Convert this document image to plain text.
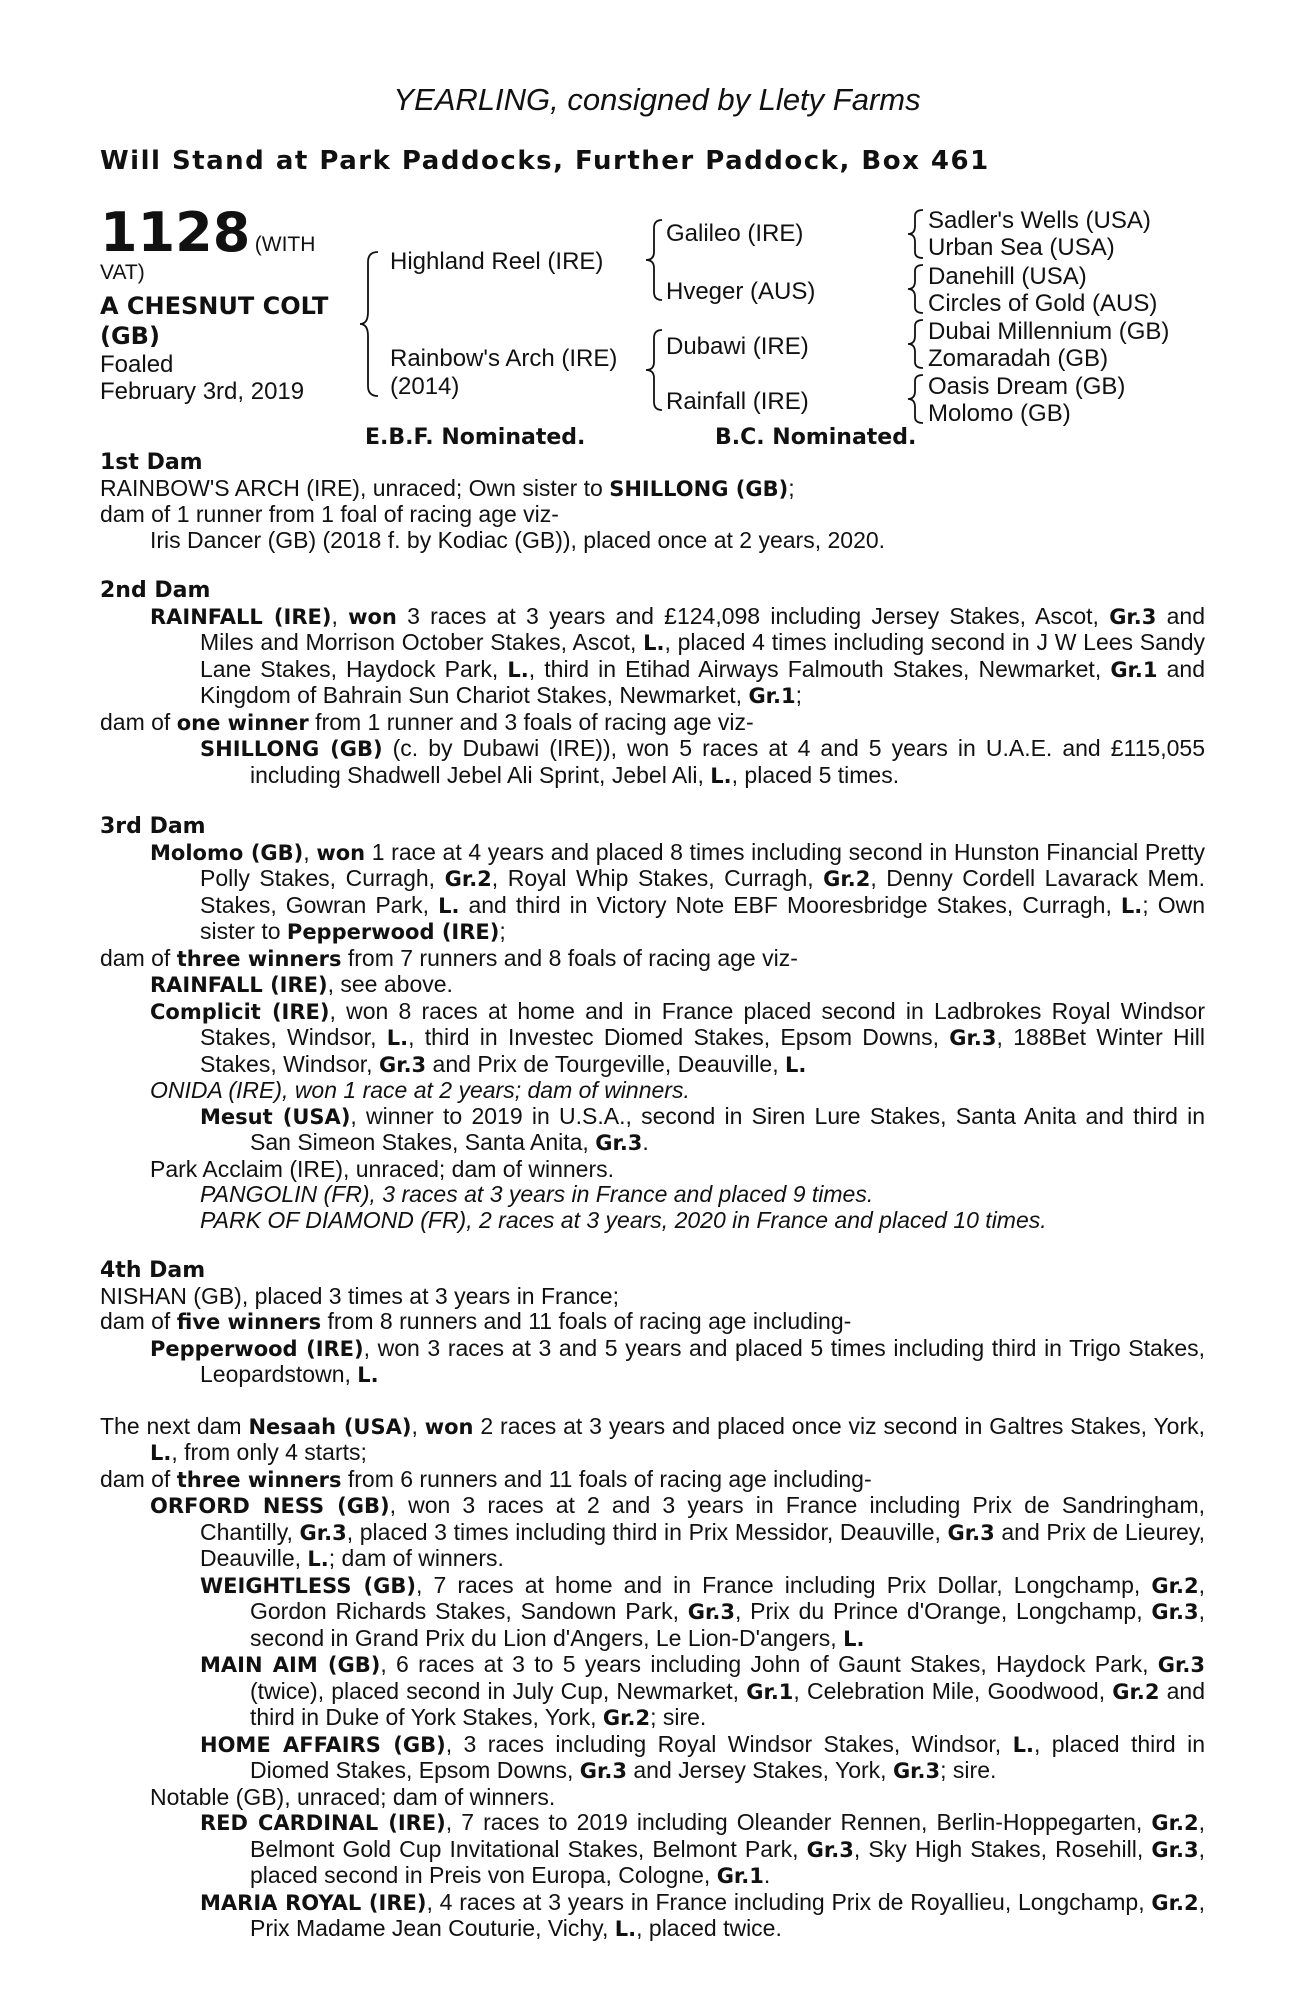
YEARLING, consigned by Llety Farms
Will Stand at Park Paddocks, Further Paddock, Box 461
1128 (WITH VAT)
A CHESNUT COLT (GB)
Foaled
February 3rd, 2019
Highland Reel (IRE)
Rainbow's Arch (IRE)
(2014)
Galileo (IRE)
Hveger (AUS)
Dubawi (IRE)
Rainfall (IRE)
Sadler's Wells (USA)
Urban Sea (USA)
Danehill (USA)
Circles of Gold (AUS)
Dubai Millennium (GB)
Zomaradah (GB)
Oasis Dream (GB)
Molomo (GB)
E.B.F. Nominated.	B.C. Nominated.
1st Dam
RAINBOW'S ARCH (IRE), unraced; Own sister to SHILLONG (GB);
dam of 1 runner from 1 foal of racing age viz-
Iris Dancer (GB) (2018 f. by Kodiac (GB)), placed once at 2 years, 2020.
2nd Dam
RAINFALL (IRE), won 3 races at 3 years and £124,098 including Jersey Stakes, Ascot, Gr.3 and Miles and Morrison October Stakes, Ascot, L., placed 4 times including second in J W Lees Sandy Lane Stakes, Haydock Park, L., third in Etihad Airways Falmouth Stakes, Newmarket, Gr.1 and Kingdom of Bahrain Sun Chariot Stakes, Newmarket, Gr.1;
dam of one winner from 1 runner and 3 foals of racing age viz-
SHILLONG (GB) (c. by Dubawi (IRE)), won 5 races at 4 and 5 years in U.A.E. and £115,055 including Shadwell Jebel Ali Sprint, Jebel Ali, L., placed 5 times.
3rd Dam
Molomo (GB), won 1 race at 4 years and placed 8 times including second in Hunston Financial Pretty Polly Stakes, Curragh, Gr.2, Royal Whip Stakes, Curragh, Gr.2, Denny Cordell Lavarack Mem. Stakes, Gowran Park, L. and third in Victory Note EBF Mooresbridge Stakes, Curragh, L.; Own sister to Pepperwood (IRE);
dam of three winners from 7 runners and 8 foals of racing age viz-
RAINFALL (IRE), see above.
Complicit (IRE), won 8 races at home and in France placed second in Ladbrokes Royal Windsor Stakes, Windsor, L., third in Investec Diomed Stakes, Epsom Downs, Gr.3, 188Bet Winter Hill Stakes, Windsor, Gr.3 and Prix de Tourgeville, Deauville, L.
ONIDA (IRE), won 1 race at 2 years; dam of winners.
Mesut (USA), winner to 2019 in U.S.A., second in Siren Lure Stakes, Santa Anita and third in San Simeon Stakes, Santa Anita, Gr.3.
Park Acclaim (IRE), unraced; dam of winners.
PANGOLIN (FR), 3 races at 3 years in France and placed 9 times.
PARK OF DIAMOND (FR), 2 races at 3 years, 2020 in France and placed 10 times.
4th Dam
NISHAN (GB), placed 3 times at 3 years in France;
dam of five winners from 8 runners and 11 foals of racing age including-
Pepperwood (IRE), won 3 races at 3 and 5 years and placed 5 times including third in Trigo Stakes, Leopardstown, L.
The next dam Nesaah (USA), won 2 races at 3 years and placed once viz second in Galtres Stakes, York, L., from only 4 starts;
dam of three winners from 6 runners and 11 foals of racing age including-
ORFORD NESS (GB), won 3 races at 2 and 3 years in France including Prix de Sandringham, Chantilly, Gr.3, placed 3 times including third in Prix Messidor, Deauville, Gr.3 and Prix de Lieurey, Deauville, L.; dam of winners.
WEIGHTLESS (GB), 7 races at home and in France including Prix Dollar, Longchamp, Gr.2, Gordon Richards Stakes, Sandown Park, Gr.3, Prix du Prince d'Orange, Longchamp, Gr.3, second in Grand Prix du Lion d'Angers, Le Lion-D'angers, L.
MAIN AIM (GB), 6 races at 3 to 5 years including John of Gaunt Stakes, Haydock Park, Gr.3 (twice), placed second in July Cup, Newmarket, Gr.1, Celebration Mile, Goodwood, Gr.2 and third in Duke of York Stakes, York, Gr.2; sire.
HOME AFFAIRS (GB), 3 races including Royal Windsor Stakes, Windsor, L., placed third in Diomed Stakes, Epsom Downs, Gr.3 and Jersey Stakes, York, Gr.3; sire.
Notable (GB), unraced; dam of winners.
RED CARDINAL (IRE), 7 races to 2019 including Oleander Rennen, Berlin-Hoppegarten, Gr.2, Belmont Gold Cup Invitational Stakes, Belmont Park, Gr.3, Sky High Stakes, Rosehill, Gr.3, placed second in Preis von Europa, Cologne, Gr.1.
MARIA ROYAL (IRE), 4 races at 3 years in France including Prix de Royallieu, Longchamp, Gr.2, Prix Madame Jean Couturie, Vichy, L., placed twice.
